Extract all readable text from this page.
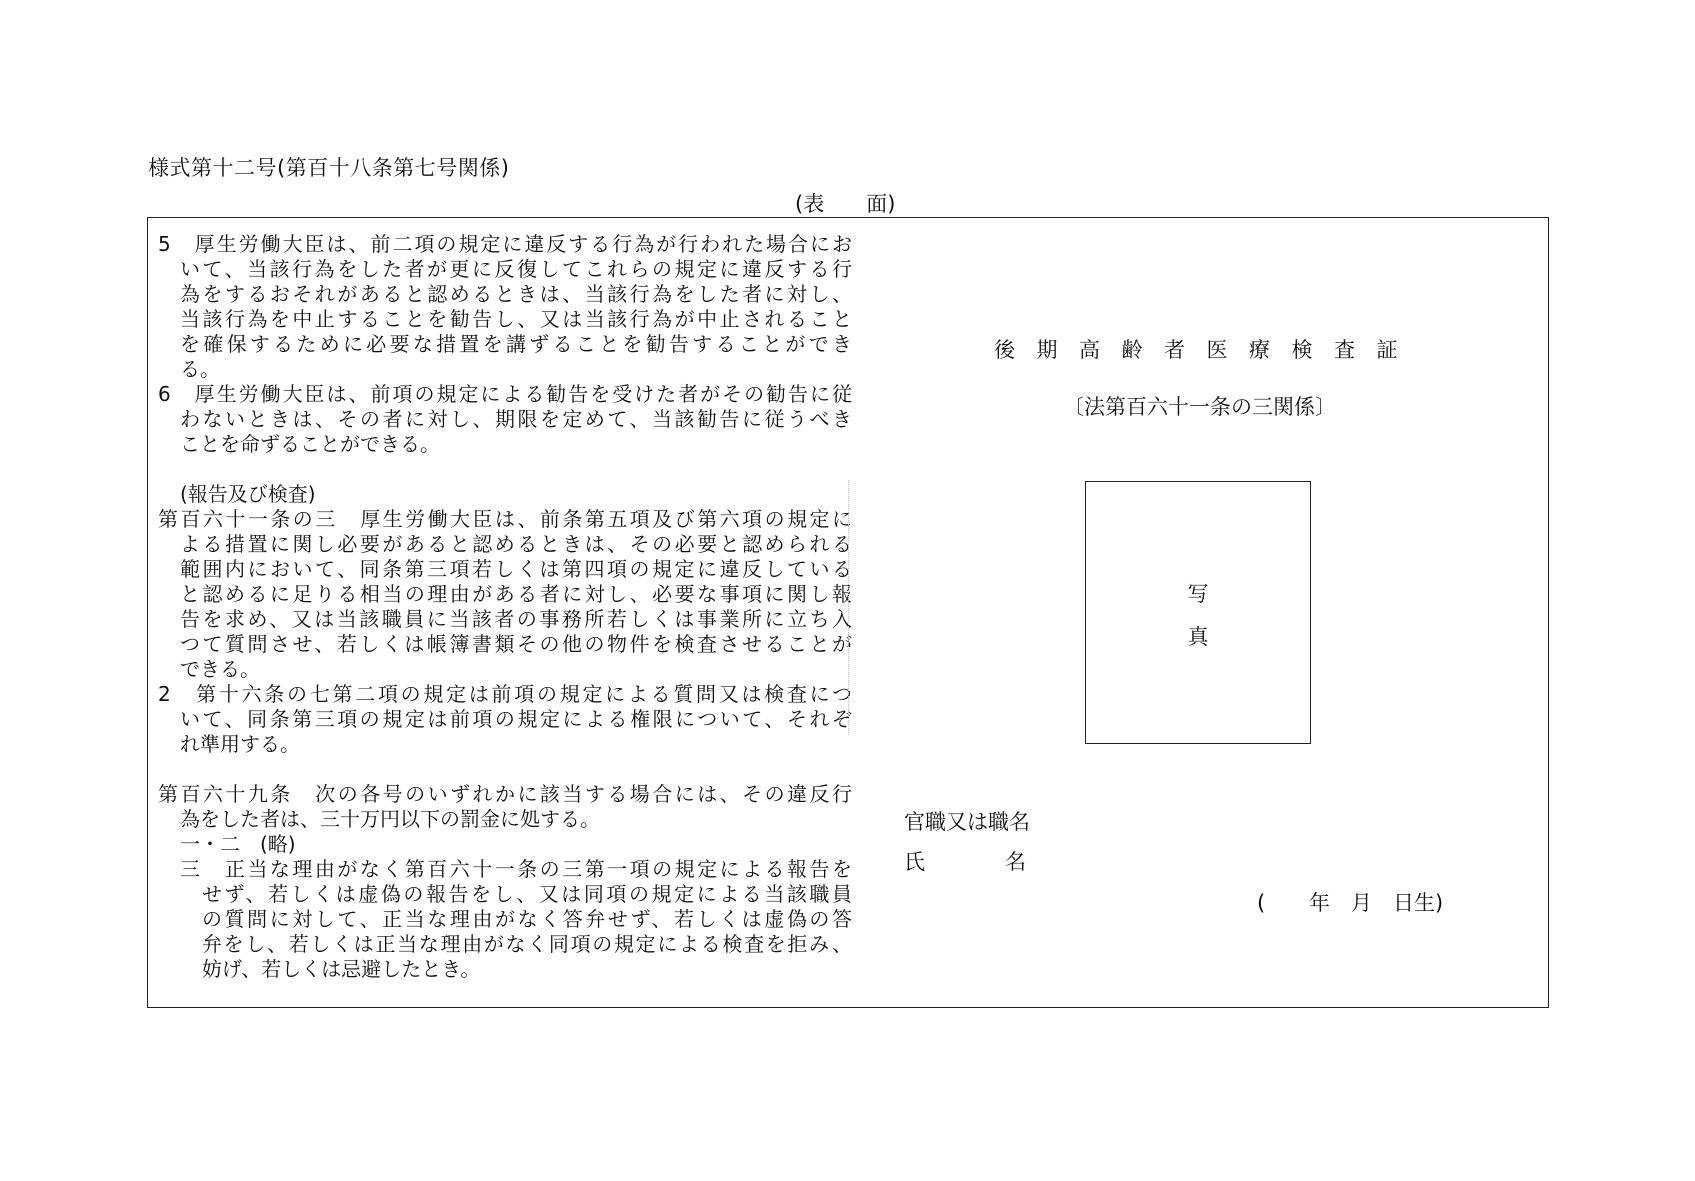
様式第十二号(第百十八条第七号関係)
(表 面)
5　厚生労働大臣は、前二項の規定に違反する行為が行われた場合にお
いて、当該行為をした者が更に反復してこれらの規定に違反する行
為をするおそれがあると認めるときは、当該行為をした者に対し、
当該行為を中止することを勧告し、又は当該行為が中止されること
を確保するために必要な措置を講ずることを勧告することができ
る。
6　厚生労働大臣は、前項の規定による勧告を受けた者がその勧告に従
わないときは、その者に対し、期限を定めて、当該勧告に従うべき
ことを命ずることができる。
(報告及び検査)
第百六十一条の三　厚生労働大臣は、前条第五項及び第六項の規定に
よる措置に関し必要があると認めるときは、その必要と認められる
範囲内において、同条第三項若しくは第四項の規定に違反している
と認めるに足りる相当の理由がある者に対し、必要な事項に関し報
告を求め、又は当該職員に当該者の事務所若しくは事業所に立ち入
つて質問させ、若しくは帳簿書類その他の物件を検査させることが
できる。
2　第十六条の七第二項の規定は前項の規定による質問又は検査につ
いて、同条第三項の規定は前項の規定による権限について、それぞ
れ準用する。
第百六十九条　次の各号のいずれかに該当する場合には、その違反行
為をした者は、三十万円以下の罰金に処する。
一・二　(略)
三　正当な理由がなく第百六十一条の三第一項の規定による報告を
せず、若しくは虚偽の報告をし、又は同項の規定による当該職員
の質問に対して、正当な理由がなく答弁せず、若しくは虚偽の答
弁をし、若しくは正当な理由がなく同項の規定による検査を拒み、
妨げ、若しくは忌避したとき。
後期高齢者医療検査証
〔法第百六十一条の三関係〕
写
真
官職又は職名
氏名
( 年 月 日生)
